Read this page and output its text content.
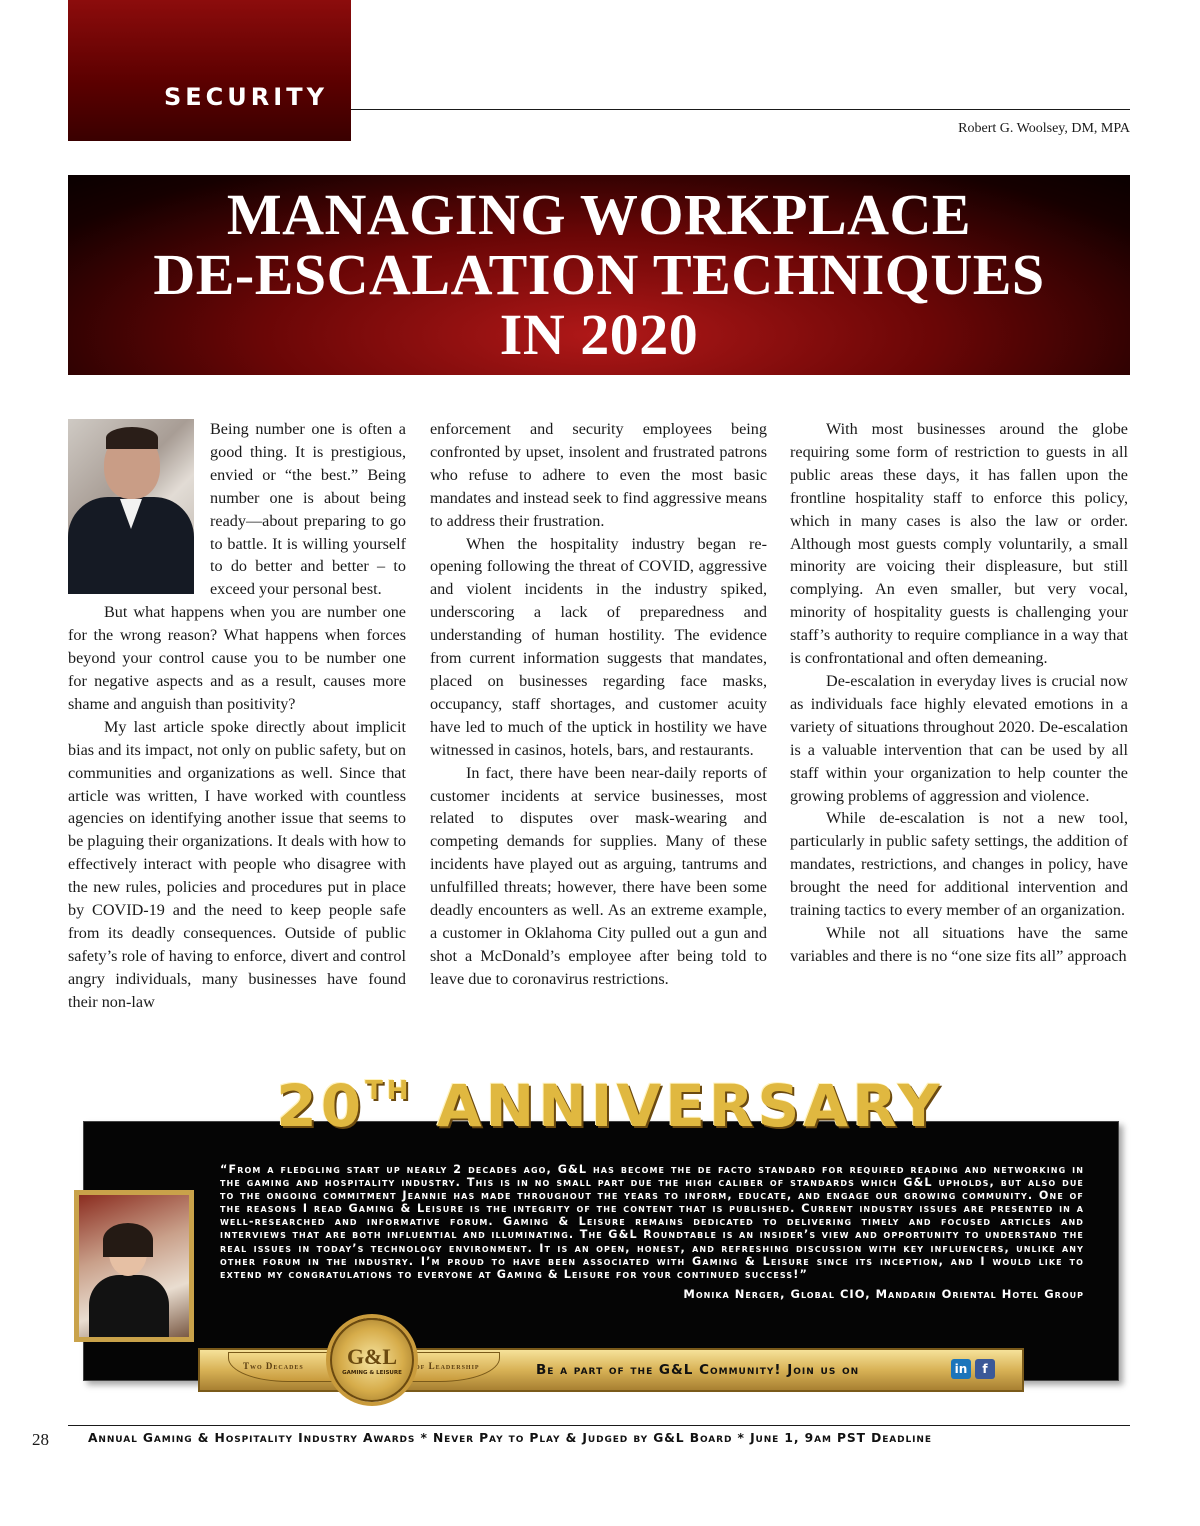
SECURITY
Robert G. Woolsey, DM, MPA
MANAGING WORKPLACE
DE-ESCALATION TECHNIQUES
IN 2020

Being number one is often a good thing. It is prestigious, envied or “the best.” Being number one is about being ready—about preparing to go to battle. It is willing yourself to do better and better – to exceed your personal best.

But what happens when you are number one for the wrong reason? What happens when forces beyond your control cause you to be number one for negative aspects and as a result, causes more shame and anguish than positivity?

My last article spoke directly about implicit bias and its impact, not only on public safety, but on communities and organizations as well. Since that article was written, I have worked with countless agencies on identifying another issue that seems to be plaguing their organizations. It deals with how to effectively interact with people who disagree with the new rules, policies and procedures put in place by COVID-19 and the need to keep people safe from its deadly consequences. Outside of public safety’s role of having to enforce, divert and control angry individuals, many businesses have found their non-law

enforcement and security employees being confronted by upset, insolent and frustrated patrons who refuse to adhere to even the most basic mandates and instead seek to find aggressive means to address their frustration.

When the hospitality industry began re-opening following the threat of COVID, aggressive and violent incidents in the industry spiked, underscoring a lack of preparedness and understanding of human hostility. The evidence from current information suggests that mandates, placed on businesses regarding face masks, occupancy, staff shortages, and customer acuity have led to much of the uptick in hostility we have witnessed in casinos, hotels, bars, and restaurants.

In fact, there have been near-daily reports of customer incidents at service businesses, most related to disputes over mask-wearing and competing demands for supplies. Many of these incidents have played out as arguing, tantrums and unfulfilled threats; however, there have been some deadly encounters as well. As an extreme example, a customer in Oklahoma City pulled out a gun and shot a McDonald’s employee after being told to leave due to coronavirus restrictions.

With most businesses around the globe requiring some form of restriction to guests in all public areas these days, it has fallen upon the frontline hospitality staff to enforce this policy, which in many cases is also the law or order. Although most guests comply voluntarily, a small minority are voicing their displeasure, but still complying. An even smaller, but very vocal, minority of hospitality guests is challenging your staff’s authority to require compliance in a way that is confrontational and often demeaning.

De-escalation in everyday lives is crucial now as individuals face highly elevated emotions in a variety of situations throughout 2020. De-escalation is a valuable intervention that can be used by all staff within your organization to help counter the growing problems of aggression and violence.

While de-escalation is not a new tool, particularly in public safety settings, the addition of mandates, restrictions, and changes in policy, have brought the need for additional intervention and training tactics to every member of an organization.

While not all situations have the same variables and there is no “one size fits all” approach

20TH ANNIVERSARY
“From a fledgling start up nearly 2 decades ago, G&L has become the de facto standard for required reading and networking in the gaming and hospitality industry. This is in no small part due the high caliber of standards which G&L upholds, but also due to the ongoing commitment Jeannie has made throughout the years to inform, educate, and engage our growing community. One of the reasons I read Gaming & Leisure is the integrity of the content that is published. Current industry issues are presented in a well-researched and informative forum. Gaming & Leisure remains dedicated to delivering timely and focused articles and interviews that are both influential and illuminating. The G&L Roundtable is an insider’s view and opportunity to understand the real issues in today’s technology environment. It is an open, honest, and refreshing discussion with key influencers, unlike any other forum in the industry. I’m proud to have been associated with Gaming & Leisure since its inception, and I would like to extend my congratulations to everyone at Gaming & Leisure for your continued success!”
Monika Nerger, Global CIO, Mandarin Oriental Hotel Group
Two Decades	of Leadership
G&L
GAMING & LEISURE	Be a part of the G&L Community! Join us on	in	f
28	Annual Gaming & Hospitality Industry Awards * Never Pay to Play & Judged by G&L Board * June 1, 9am PST Deadline
